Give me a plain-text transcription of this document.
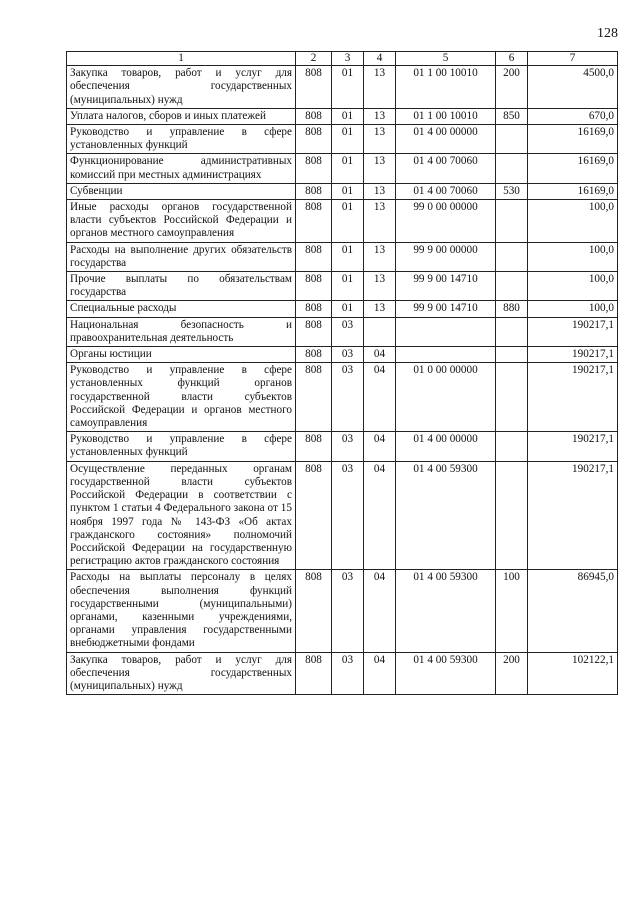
128
1	2	3	4	5	6	7
Закупка товаров, работ и услуг для обеспечения государственных (муниципальных) нужд	808	01	13	01 1 00 10010	200	4500,0
Уплата налогов, сборов и иных платежей	808	01	13	01 1 00 10010	850	670,0
Руководство и управление в сфере установленных функций	808	01	13	01 4 00 00000		16169,0
Функционирование административных комиссий при местных администрациях	808	01	13	01 4 00 70060		16169,0
Субвенции	808	01	13	01 4 00 70060	530	16169,0
Иные расходы органов государственной власти субъектов Российской Федерации и органов местного самоуправления	808	01	13	99 0 00 00000		100,0
Расходы на выполнение других обязательств государства	808	01	13	99 9 00 00000		100,0
Прочие выплаты по обязательствам государства	808	01	13	99 9 00 14710		100,0
Специальные расходы	808	01	13	99 9 00 14710	880	100,0
Национальная безопасность и правоохранительная деятельность	808	03				190217,1
Органы юстиции	808	03	04			190217,1
Руководство и управление в сфере установленных функций органов государственной власти субъектов Российской Федерации и органов местного самоуправления	808	03	04	01 0 00 00000		190217,1
Руководство и управление в сфере установленных функций	808	03	04	01 4 00 00000		190217,1
Осуществление переданных органам государственной власти субъектов Российской Федерации в соответствии с пунктом 1 статьи 4 Федерального закона от 15 ноября 1997 года № 143-ФЗ «Об актах гражданского состояния» полномочий Российской Федерации на государственную регистрацию актов гражданского состояния	808	03	04	01 4 00 59300		190217,1
Расходы на выплаты персоналу в целях обеспечения выполнения функций государственными (муниципальными) органами, казенными учреждениями, органами управления государственными внебюджетными фондами	808	03	04	01 4 00 59300	100	86945,0
Закупка товаров, работ и услуг для обеспечения государственных (муниципальных) нужд	808	03	04	01 4 00 59300	200	102122,1
